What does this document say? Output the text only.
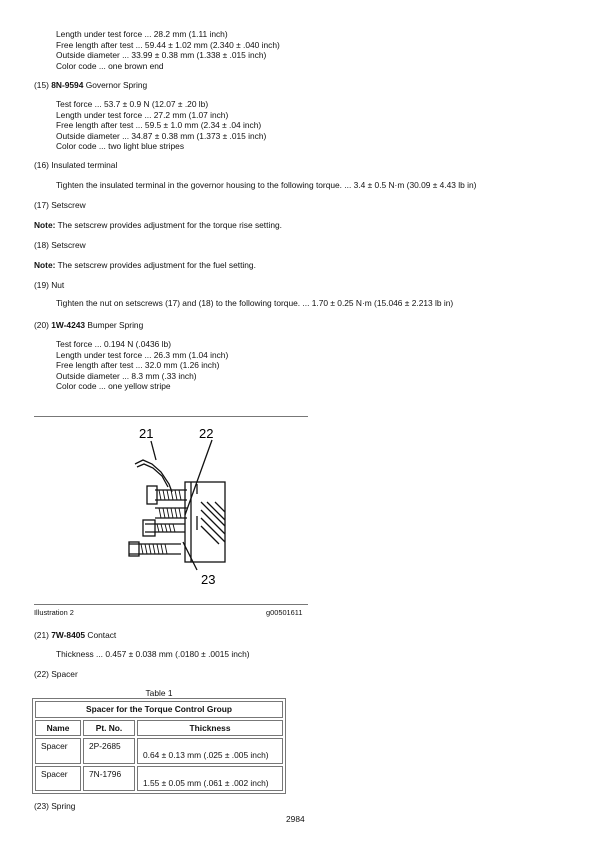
Length under test force ... 28.2 mm (1.11 inch)
Free length after test ... 59.44 ± 1.02 mm (2.340 ± .040 inch)
Outside diameter ... 33.99 ± 0.38 mm (1.338 ± .015 inch)
Color code ... one brown end
(15) 8N-9594 Governor Spring
Test force ... 53.7 ± 0.9 N (12.07 ± .20 lb)
Length under test force ... 27.2 mm (1.07 inch)
Free length after test ... 59.5 ± 1.0 mm (2.34 ± .04 inch)
Outside diameter ... 34.87 ± 0.38 mm (1.373 ± .015 inch)
Color code ... two light blue stripes
(16) Insulated terminal
Tighten the insulated terminal in the governor housing to the following torque. ... 3.4 ± 0.5 N·m (30.09 ± 4.43 lb in)
(17) Setscrew
Note: The setscrew provides adjustment for the torque rise setting.
(18) Setscrew
Note: The setscrew provides adjustment for the fuel setting.
(19) Nut
Tighten the nut on setscrews (17) and (18) to the following torque. ... 1.70 ± 0.25 N·m (15.046 ± 2.213 lb in)
(20) 1W-4243 Bumper Spring
Test force ... 0.194 N (.0436 lb)
Length under test force ... 26.3 mm (1.04 inch)
Free length after test ... 32.0 mm (1.26 inch)
Outside diameter ... 8.3 mm (.33 inch)
Color code ... one yellow stripe
21	22
23
Illustration 2	g00501611
(21) 7W-8405 Contact
Thickness ... 0.457 ± 0.038 mm (.0180 ± .0015 inch)
(22) Spacer
Table 1
Spacer for the Torque Control Group		
Name	Pt. No.	Thickness
Spacer	2P-2685	0.64 ± 0.13 mm (.025 ± .005 inch)

Spacer	7N-1796	1.55 ± 0.05 mm (.061 ± .002 inch)
(23) Spring
2984
